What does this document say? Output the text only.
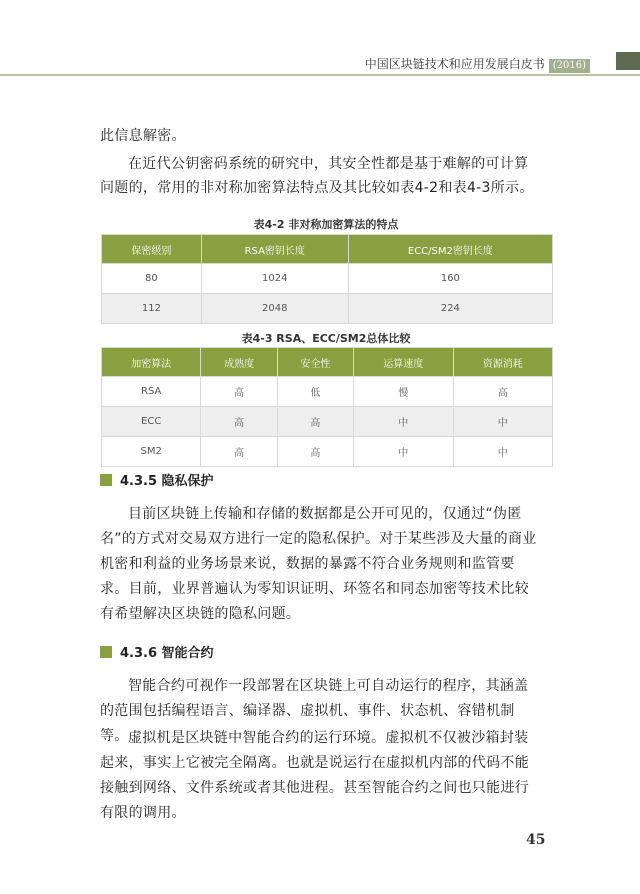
中国区块链技术和应用发展白皮书 (2016)
此信息解密。
在近代公钥密码系统的研究中，其安全性都是基于难解的可计算问题的，常用的非对称加密算法特点及其比较如表4-2和表4-3所示。
表4-2 非对称加密算法的特点
保密级别	RSA密钥长度	ECC/SM2密钥长度
80	1024	160
112	2048	224
表4-3 RSA、ECC/SM2总体比较
加密算法	成熟度	安全性	运算速度	资源消耗
RSA	高	低	慢	高
ECC	高	高	中	中
SM2	高	高	中	中
4.3.5 隐私保护
目前区块链上传输和存储的数据都是公开可见的，仅通过“伪匿名”的方式对交易双方进行一定的隐私保护。对于某些涉及大量的商业机密和利益的业务场景来说，数据的暴露不符合业务规则和监管要求。目前，业界普遍认为零知识证明、环签名和同态加密等技术比较有希望解决区块链的隐私问题。
4.3.6 智能合约
智能合约可视作一段部署在区块链上可自动运行的程序，其涵盖的范围包括编程语言、编译器、虚拟机、事件、状态机、容错机制等。 虚拟机是区块链中智能合约的运行环境。虚拟机不仅被沙箱封装起来，事实上它被完全隔离。也就是说运行在虚拟机内部的代码不能接触到网络、文件系统或者其他进程。甚至智能合约之间也只能进行有限的调用。
45
